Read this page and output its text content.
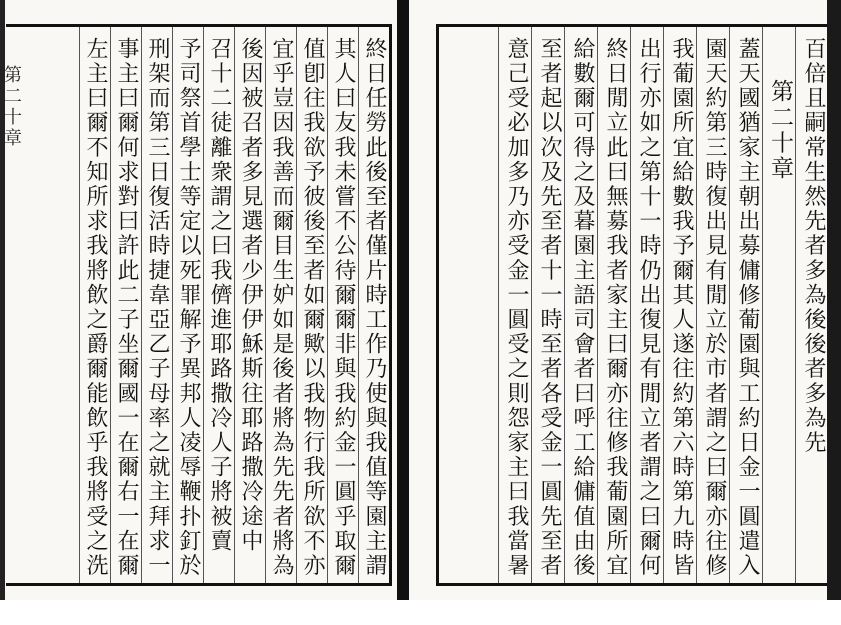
終日任勞此後至者僅片時工作乃使與我值等園主謂
其人曰友我未嘗不公待爾爾非與我約金一圓乎取爾
值卽往我欲予彼後至者如爾歟以我物行我所欲不亦
宜乎豈因我善而爾目生妒如是後者將為先先者將為
後因被召者多見選者少伊伊穌斯往耶路撒冷途中
召十二徒離衆謂之曰我儕進耶路撒冷人子將被賣
予司祭首學士等定以死罪解予異邦人凌辱鞭扑釘於
刑架而第三日復活時捷韋亞乙子母率之就主拜求一
事主曰爾何求對曰許此二子坐爾國一在爾右一在爾
左主曰爾不知所求我將飲之爵爾能飲乎我將受之洗
第二十章	百倍且嗣常生然先者多為後後者多為先
第二十章
蓋天國猶家主朝出募傭修葡園與工約日金一圓遣入
園天約第三時復出見有閒立於市者謂之曰爾亦往修
我葡園所宜給數我予爾其人遂往約第六時第九時皆
出行亦如之第十一時仍出復見有閒立者謂之曰爾何
終日閒立此曰無募我者家主曰爾亦往修我葡園所宜
給數爾可得之及暮園主語司會者曰呼工給傭值由後
至者起以次及先至者十一時至者各受金一圓先至者
意己受必加多乃亦受金一圓受之則怨家主曰我當暑
